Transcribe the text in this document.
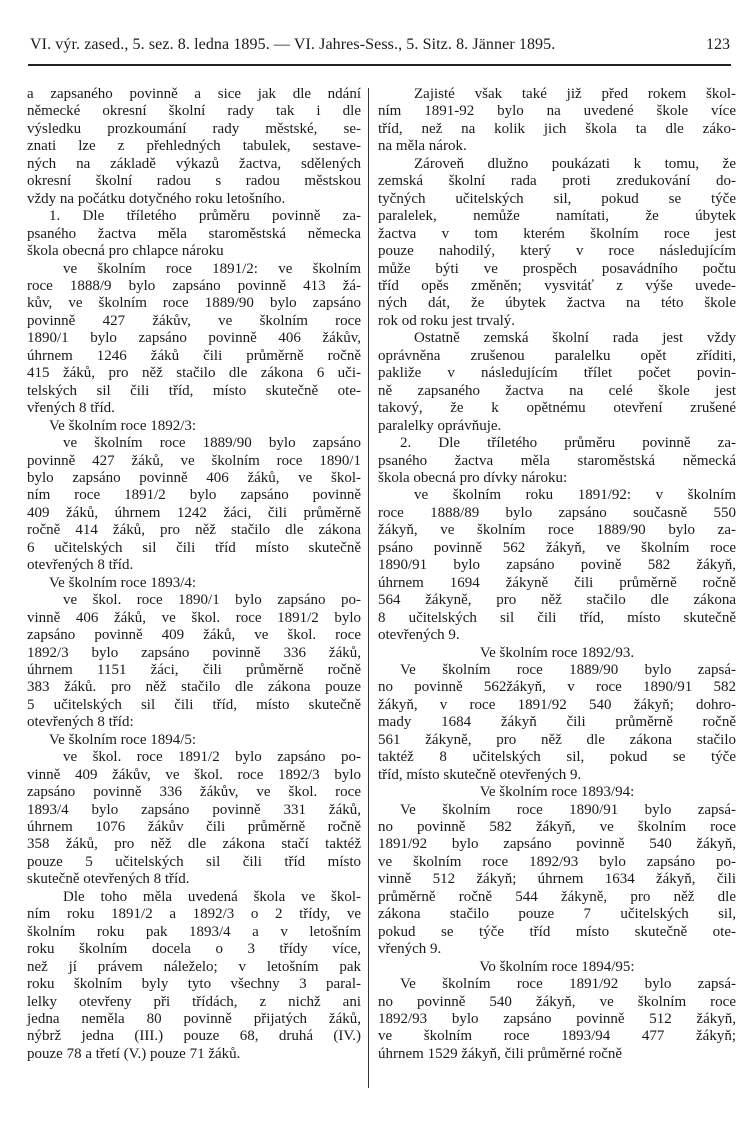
VI. výr. zased., 5. sez. 8. ledna 1895. — VI. Jahres-Sess., 5. Sitz. 8. Jänner 1895.	123
a zapsaného povinně a sice jak dle ndání
německé okresní školní rady tak i dle
výsledku prozkoumání rady městské, se-
znati lze z přehledných tabulek, sestave-
ných na základě výkazů žactva, sdělených
okresní školní radou s radou městskou
vždy na počátku dotyčného roku letošního.
1. Dle tříletého průměru povinně za-
psaného žactva měla staroměstská německa
škola obecná pro chlapce nároku
ve školním roce 1891/2: ve školním
roce 1888/9 bylo zapsáno povinně 413 žá-
kův, ve školním roce 1889/90 bylo zapsáno
povinně 427 žákův, ve školním roce
1890/1 bylo zapsáno povinně 406 žákův,
úhrnem 1246 žáků čili průměrně ročně
415 žáků, pro něž stačilo dle zákona 6 uči-
telských sil čili tříd, místo skutečně ote-
vřených 8 tříd.
Ve školním roce 1892/3:
ve školním roce 1889/90 bylo zapsáno
povinně 427 žáků, ve školním roce 1890/1
bylo zapsáno povinně 406 žáků, ve škol-
ním roce 1891/2 bylo zapsáno povinně
409 žáků, úhrnem 1242 žáci, čili průměrně
ročně 414 žáků, pro něž stačilo dle zákona
6 učitelských sil čili tříd místo skutečně
otevřených 8 tříd.
Ve školním roce 1893/4:
ve škol. roce 1890/1 bylo zapsáno po-
vinně 406 žáků, ve škol. roce 1891/2 bylo
zapsáno povinně 409 žáků, ve škol. roce
1892/3 bylo zapsáno povinně 336 žáků,
úhrnem 1151 žáci, čili průměrně ročně
383 žáků. pro něž stačilo dle zákona pouze
5 učitelských sil čili tříd, místo skutečně
otevřených 8 tříd:
Ve školním roce 1894/5:
ve škol. roce 1891/2 bylo zapsáno po-
vinně 409 žákův, ve škol. roce 1892/3 bylo
zapsáno povinně 336 žákův, ve škol. roce
1893/4 bylo zapsáno povinně 331 žáků,
úhrnem 1076 žákův čili průměrně ročně
358 žáků, pro něž dle zákona stačí taktéž
pouze 5 učitelských sil čili tříd místo
skutečně otevřených 8 tříd.
Dle toho měla uvedená škola ve škol-
ním roku 1891/2 a 1892/3 o 2 třídy, ve
školním roku pak 1893/4 a v letošním
roku školním docela o 3 třídy více,
než jí právem náleželo; v letošním pak
roku školním byly tyto všechny 3 paral-
lelky otevřeny při třídách, z nichž ani
jedna neměla 80 povinně přijatých žáků,
nýbrž jedna (III.) pouze 68, druhá (IV.)
pouze 78 a třetí (V.) pouze 71 žáků.
Zajisté však také již před rokem škol-
ním 1891-92 bylo na uvedené škole více
tříd, než na kolik jich škola ta dle záko-
na měla nárok.
Zároveň dlužno poukázati k tomu, že
zemská školní rada proti zredukování do-
tyčných učitelských sil, pokud se týče
paralelek, nemůže namítati, že úbytek
žactva v tom kterém školním roce jest
pouze nahodilý, který v roce následujícím
může býti ve prospěch posavádního počtu
tříd opěs změněn; vysvitáť z výše uvede-
ných dát, že úbytek žactva na této škole
rok od roku jest trvalý.
Ostatně zemská školní rada jest vždy
oprávněna zrušenou paralelku opět zříditi,
pakliže v následujícím třílet počet povin-
ně zapsaného žactva na celé škole jest
takový, že k opětnému otevření zrušené
paralelky oprávňuje.
2. Dle tříletého průměru povinně za-
psaného žactva měla staroměstská německá
škola obecná pro dívky nároku:
ve školním roku 1891/92: v školním
roce 1888/89 bylo zapsáno současně 550
žákyň, ve školním roce 1889/90 bylo za-
psáno povinně 562 žákyň, ve školním roce
1890/91 bylo zapsáno povině 582 žákyň,
úhrnem 1694 žákyně čili průměrně ročně
564 žákyně, pro něž stačilo dle zákona
8 učitelských sil čili tříd, místo skutečně
otevřených 9.
Ve školním roce 1892/93.
Ve školním roce 1889/90 bylo zapsá-
no povinně 562žákyň, v roce 1890/91 582
žákyň, v roce 1891/92 540 žákyň; dohro-
mady 1684 žákyň čili průměrně ročně
561 žákyně, pro něž dle zákona stačilo
taktéž 8 učitelských sil, pokud se týče
tříd, místo skutečně otevřených 9.
Ve školním roce 1893/94:
Ve školním roce 1890/91 bylo zapsá-
no povinně 582 žákyň, ve školním roce
1891/92 bylo zapsáno povinně 540 žákyň,
ve školním roce 1892/93 bylo zapsáno po-
vinně 512 žákyň; úhrnem 1634 žákyň, čili
průměrně ročně 544 žákyně, pro něž dle
zákona stačilo pouze 7 učitelských sil,
pokud se týče tříd místo skutečně ote-
vřených 9.
Vo školním roce 1894/95:
Ve školním roce 1891/92 bylo zapsá-
no povinně 540 žákyň, ve školním roce
1892/93 bylo zapsáno povinně 512 žákyň,
ve školním roce 1893/94 477 žákyň;
úhrnem 1529 žákyň, čili průměrné ročně
